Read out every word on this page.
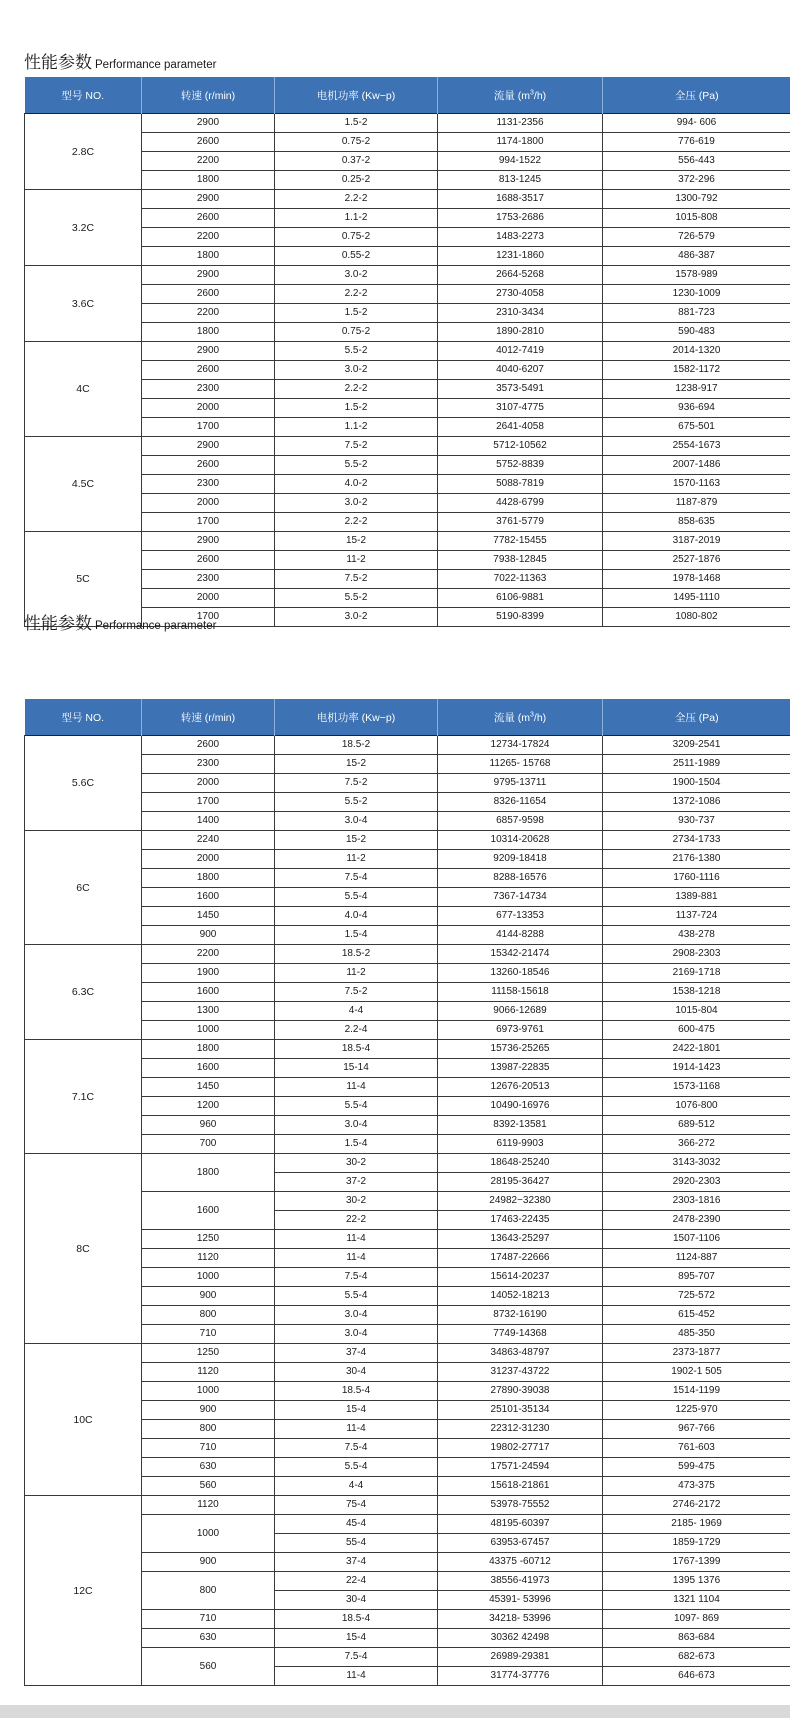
性能参数 Performance parameter
型号 NO.	转速 (r/min)	电机功率 (Kw−p)	流量 $(m^3/h)$	全压 (Pa)
2.8C	2900	1.5-2	1131-2356	994- 606
	2600	0.75-2	1174-1800	776-619
	2200	0.37-2	994-1522	556-443
	1800	0.25-2	813-1245	372-296
3.2C	2900	2.2-2	1688-3517	1300-792
	2600	1.1-2	1753-2686	1015-808
	2200	0.75-2	1483-2273	726-579
	1800	0.55-2	1231-1860	486-387
3.6C	2900	3.0-2	2664-5268	1578-989
	2600	2.2-2	2730-4058	1230-1009
	2200	1.5-2	2310-3434	881-723
	1800	0.75-2	1890-2810	590-483
4C	2900	5.5-2	4012-7419	2014-1320
	2600	3.0-2	4040-6207	1582-1172
	2300	2.2-2	3573-5491	1238-917
	2000	1.5-2	3107-4775	936-694
	1700	1.1-2	2641-4058	675-501
4.5C	2900	7.5-2	5712-10562	2554-1673
	2600	5.5-2	5752-8839	2007-1486
	2300	4.0-2	5088-7819	1570-1163
	2000	3.0-2	4428-6799	1187-879
	1700	2.2-2	3761-5779	858-635
5C	2900	15-2	7782-15455	3187-2019
	2600	11-2	7938-12845	2527-1876
	2300	7.5-2	7022-11363	1978-1468
	2000	5.5-2	6106-9881	1495-1110
	1700	3.0-2	5190-8399	1080-802
性能参数 Performance parameter
型号 NO.	转速 (r/min)	电机功率 (Kw−p)	流量 $(m^3/h)$	全压 (Pa)
5.6C	2600	18.5-2	12734-17824	3209-2541
	2300	15-2	11265- 15768	2511-1989
	2000	7.5-2	9795-13711	1900-1504
	1700	5.5-2	8326-11654	1372-1086
	1400	3.0-4	6857-9598	930-737
6C	2240	15-2	10314-20628	2734-1733
	2000	11-2	9209-18418	2176-1380
	1800	7.5-4	8288-16576	1760-1116
	1600	5.5-4	7367-14734	1389-881
	1450	4.0-4	677-13353	1137-724
	900	1.5-4	4144-8288	438-278
6.3C	2200	18.5-2	15342-21474	2908-2303
	1900	11-2	13260-18546	2169-1718
	1600	7.5-2	11158-15618	1538-1218
	1300	4-4	9066-12689	1015-804
	1000	2.2-4	6973-9761	600-475
7.1C	1800	18.5-4	15736-25265	2422-1801
	1600	15-14	13987-22835	1914-1423
	1450	11-4	12676-20513	1573-1168
	1200	5.5-4	10490-16976	1076-800
	960	3.0-4	8392-13581	689-512
	700	1.5-4	6119-9903	366-272
8C	1800	30-2	18648-25240	3143-3032
		37-2	28195-36427	2920-2303
	1600	30-2	24982−32380	2303-1816
		22-2	17463-22435	2478-2390
	1250	11-4	13643-25297	1507-1106
	1120	11-4	17487-22666	1124-887
	1000	7.5-4	15614-20237	895-707
	900	5.5-4	14052-18213	725-572
	800	3.0-4	8732-16190	615-452
	710	3.0-4	7749-14368	485-350
10C	1250	37-4	34863-48797	2373-1877
	1120	30-4	31237-43722	1902-1 505
	1000	18.5-4	27890-39038	1514-1199
	900	15-4	25101-35134	1225-970
	800	11-4	22312-31230	967-766
	710	7.5-4	19802-27717	761-603
	630	5.5-4	17571-24594	599-475
	560	4-4	15618-21861	473-375
12C	1120	75-4	53978-75552	2746-2172
	1000	45-4	48195-60397	2185- 1969
		55-4	63953-67457	1859-1729
	900	37-4	43375 -60712	1767-1399
	800	22-4	38556-41973	1395 1376
		30-4	45391- 53996	1321 1104
	710	18.5-4	34218- 53996	1097- 869
	630	15-4	30362 42498	863-684
	560	7.5-4	26989-29381	682-673
		11-4	31774-37776	646-673
